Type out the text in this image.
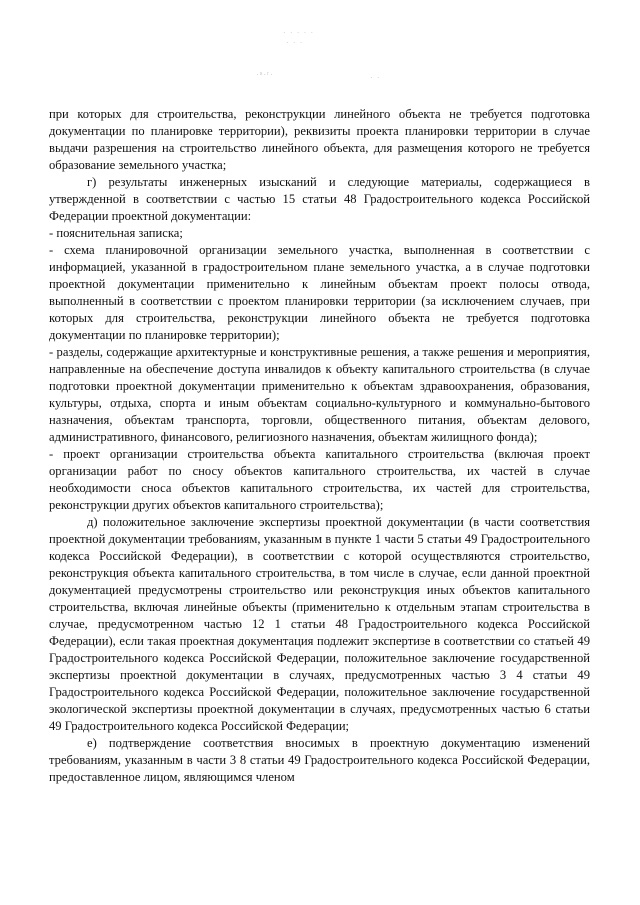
· · · · ·
· · ·
·ˢ·ʳ·	· ·

при которых для строительства, реконструкции линейного объекта не требуется подготовка документации по планировке территории), реквизиты проекта планировки территории в случае выдачи разрешения на строительство линейного объекта, для размещения которого не требуется образование земельного участка;

г) результаты инженерных изысканий и следующие материалы, содержащиеся в утвержденной в соответствии с частью 15 статьи 48 Градостроительного кодекса Российской Федерации проектной документации:

- пояснительная записка;

- схема планировочной организации земельного участка, выполненная в соответствии с информацией, указанной в градостроительном плане земельного участка, а в случае подготовки проектной документации применительно к линейным объектам проект полосы отвода, выполненный в соответствии с проектом планировки территории (за исключением случаев, при которых для строительства, реконструкции линейного объекта не требуется подготовка документации по планировке территории);

- разделы, содержащие архитектурные и конструктивные решения, а также решения и мероприятия, направленные на обеспечение доступа инвалидов к объекту капитального строительства (в случае подготовки проектной документации применительно к объектам здравоохранения, образования, культуры, отдыха, спорта и иным объектам социально-культурного и коммунально-бытового назначения, объектам транспорта, торговли, общественного питания, объектам делового, административного, финансового, религиозного назначения, объектам жилищного фонда);

- проект организации строительства объекта капитального строительства (включая проект организации работ по сносу объектов капитального строительства, их частей в случае необходимости сноса объектов капитального строительства, их частей для строительства, реконструкции других объектов капитального строительства);

д) положительное заключение экспертизы проектной документации (в части соответствия проектной документации требованиям, указанным в пункте 1 части 5 статьи 49 Градостроительного кодекса Российской Федерации), в соответствии с которой осуществляются строительство, реконструкция объекта капитального строительства, в том числе в случае, если данной проектной документацией предусмотрены строительство или реконструкция иных объектов капитального строительства, включая линейные объекты (применительно к отдельным этапам строительства в случае, предусмотренном частью 12 1 статьи 48 Градостроительного кодекса Российской Федерации), если такая проектная документация подлежит экспертизе в соответствии со статьей 49 Градостроительного кодекса Российской Федерации, положительное заключение государственной экспертизы проектной документации в случаях, предусмотренных частью 3 4 статьи 49 Градостроительного кодекса Российской Федерации, положительное заключение государственной экологической экспертизы проектной документации в случаях, предусмотренных частью 6 статьи 49 Градостроительного кодекса Российской Федерации;

е) подтверждение соответствия вносимых в проектную документацию изменений требованиям, указанным в части 3 8 статьи 49 Градостроительного кодекса Российской Федерации, предоставленное лицом, являющимся членом
